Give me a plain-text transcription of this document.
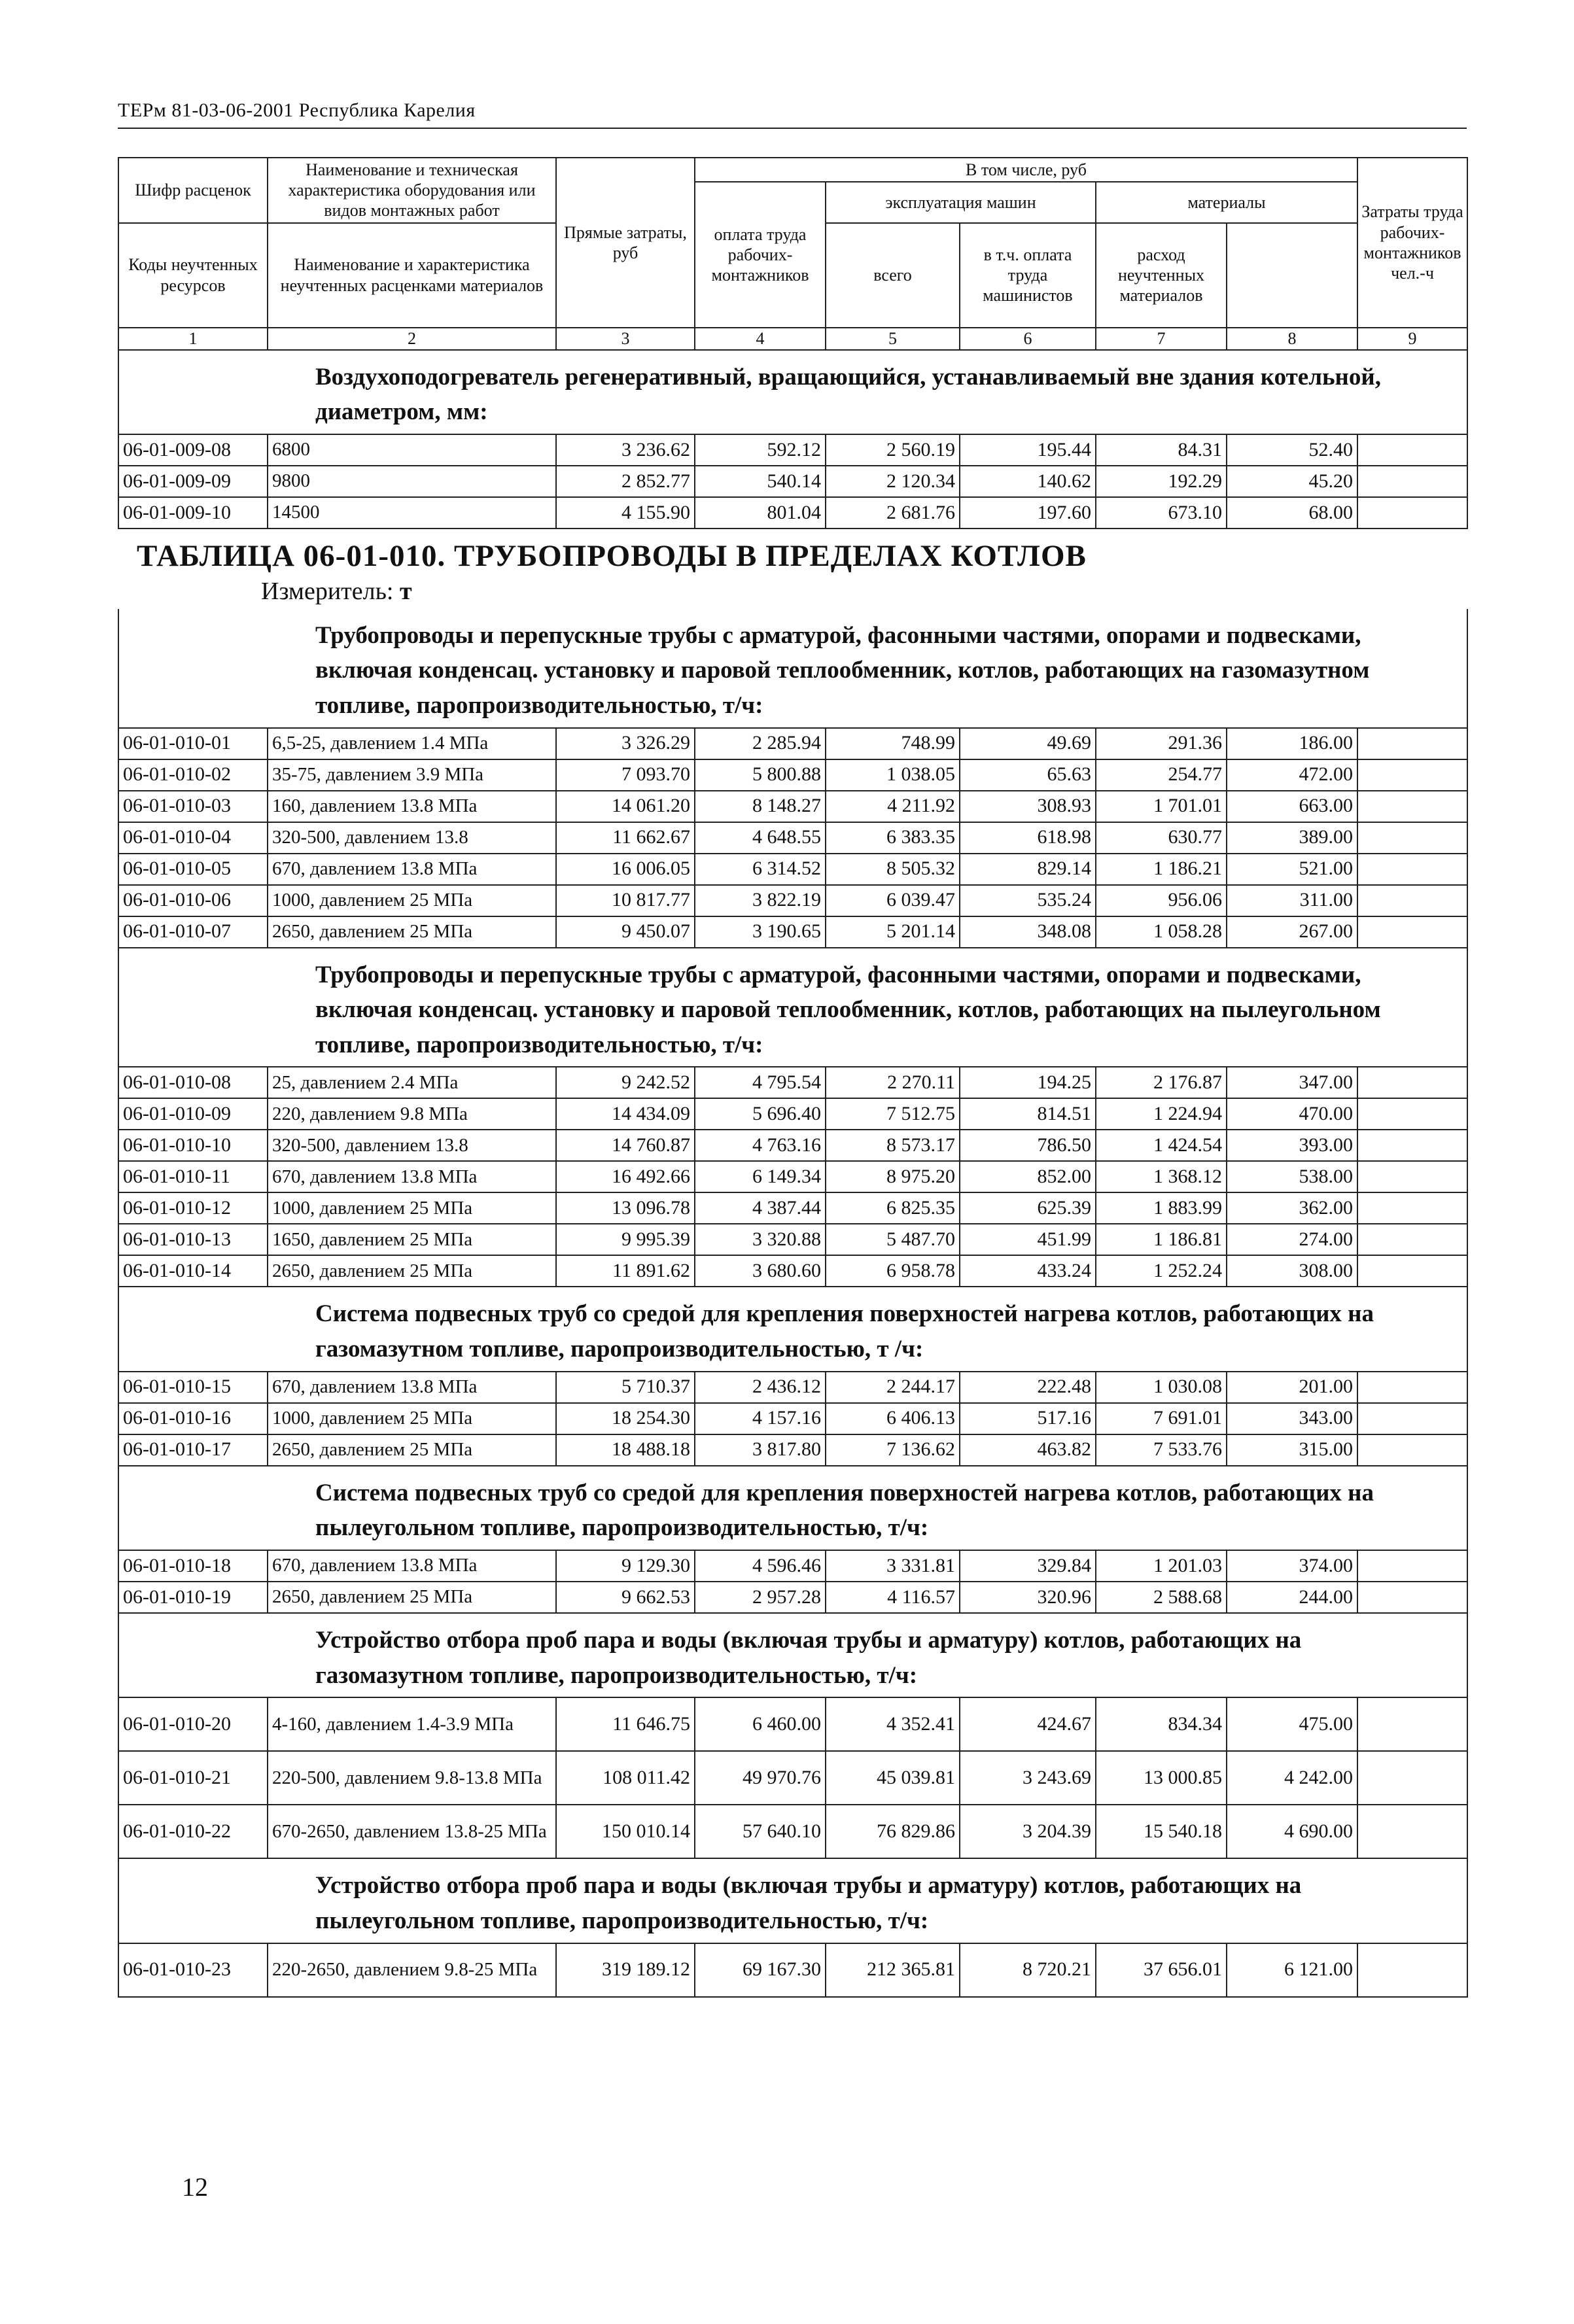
ТЕРм 81-03-06-2001 Республика Карелия
Шифр расценок	Наименование и техническая характеристика оборудования или видов монтажных работ	Прямые затраты, руб	В том числе, руб					Затраты труда рабочих-монтажников чел.-ч	
			оплата труда рабочих-монтажников	эксплуатация машин		материалы			
Коды неучтенных ресурсов	Наименование и характеристика неучтенных расценками материалов			всего	в т.ч. оплата труда машинистов	расход неучтенных материалов			

1	2	3	4	5	6	7	8	9	
Воздухоподогреватель регенеративный, вращающийся, устанавливаемый вне здания котельной, диаметром, мм:									
06-01-009-08	6800	3 236.62	592.12	2 560.19	195.44	84.31	52.40		
06-01-009-09	9800	2 852.77	540.14	2 120.34	140.62	192.29	45.20		
06-01-009-10	14500	4 155.90	801.04	2 681.76	197.60	673.10	68.00		

ТАБЛИЦА 06-01-010. ТРУБОПРОВОДЫ В ПРЕДЕЛАХ КОТЛОВ
Измеритель: т									

Трубопроводы и перепускные трубы с арматурой, фасонными частями, опорами и подвесками, включая конденсац. установку и паровой теплообменник, котлов, работающих на газомазутном топливе, паропроизводительностью, т/ч:									
06-01-010-01	6,5-25, давлением 1.4 МПа	3 326.29	2 285.94	748.99	49.69	291.36	186.00		
06-01-010-02	35-75, давлением 3.9 МПа	7 093.70	5 800.88	1 038.05	65.63	254.77	472.00		
06-01-010-03	160, давлением 13.8 МПа	14 061.20	8 148.27	4 211.92	308.93	1 701.01	663.00		
06-01-010-04	320-500, давлением 13.8	11 662.67	4 648.55	6 383.35	618.98	630.77	389.00		
06-01-010-05	670, давлением 13.8 МПа	16 006.05	6 314.52	8 505.32	829.14	1 186.21	521.00		
06-01-010-06	1000, давлением 25 МПа	10 817.77	3 822.19	6 039.47	535.24	956.06	311.00		
06-01-010-07	2650, давлением 25 МПа	9 450.07	3 190.65	5 201.14	348.08	1 058.28	267.00		
Трубопроводы и перепускные трубы с арматурой, фасонными частями, опорами и подвесками, включая конденсац. установку и паровой теплообменник, котлов, работающих на пылеугольном топливе, паропроизводительностью, т/ч:									
06-01-010-08	25, давлением 2.4 МПа	9 242.52	4 795.54	2 270.11	194.25	2 176.87	347.00		
06-01-010-09	220, давлением 9.8 МПа	14 434.09	5 696.40	7 512.75	814.51	1 224.94	470.00		
06-01-010-10	320-500, давлением 13.8	14 760.87	4 763.16	8 573.17	786.50	1 424.54	393.00		
06-01-010-11	670, давлением 13.8 МПа	16 492.66	6 149.34	8 975.20	852.00	1 368.12	538.00		
06-01-010-12	1000, давлением 25 МПа	13 096.78	4 387.44	6 825.35	625.39	1 883.99	362.00		
06-01-010-13	1650, давлением 25 МПа	9 995.39	3 320.88	5 487.70	451.99	1 186.81	274.00		
06-01-010-14	2650, давлением 25 МПа	11 891.62	3 680.60	6 958.78	433.24	1 252.24	308.00		
Система подвесных труб со средой для крепления поверхностей нагрева котлов, работающих на газомазутном топливе, паропроизводительностью, т /ч:									
06-01-010-15	670, давлением 13.8 МПа	5 710.37	2 436.12	2 244.17	222.48	1 030.08	201.00		
06-01-010-16	1000, давлением 25 МПа	18 254.30	4 157.16	6 406.13	517.16	7 691.01	343.00		
06-01-010-17	2650, давлением 25 МПа	18 488.18	3 817.80	7 136.62	463.82	7 533.76	315.00		
Система подвесных труб со средой для крепления поверхностей нагрева котлов, работающих на пылеугольном топливе, паропроизводительностью, т/ч:									
06-01-010-18	670, давлением 13.8 МПа	9 129.30	4 596.46	3 331.81	329.84	1 201.03	374.00		
06-01-010-19	2650, давлением 25 МПа	9 662.53	2 957.28	4 116.57	320.96	2 588.68	244.00		
Устройство отбора проб пара и воды (включая трубы и арматуру) котлов, работающих на газомазутном топливе, паропроизводительностью, т/ч:									
06-01-010-20	4-160, давлением 1.4-3.9 МПа	11 646.75	6 460.00	4 352.41	424.67	834.34	475.00		
06-01-010-21	220-500, давлением 9.8-13.8 МПа	108 011.42	49 970.76	45 039.81	3 243.69	13 000.85	4 242.00		
06-01-010-22	670-2650, давлением 13.8-25 МПа	150 010.14	57 640.10	76 829.86	3 204.39	15 540.18	4 690.00		
Устройство отбора проб пара и воды (включая трубы и арматуру) котлов, работающих на пылеугольном топливе, паропроизводительностью, т/ч:									
06-01-010-23	220-2650, давлением 9.8-25 МПа	319 189.12	69 167.30	212 365.81	8 720.21	37 656.01	6 121.00		
12
